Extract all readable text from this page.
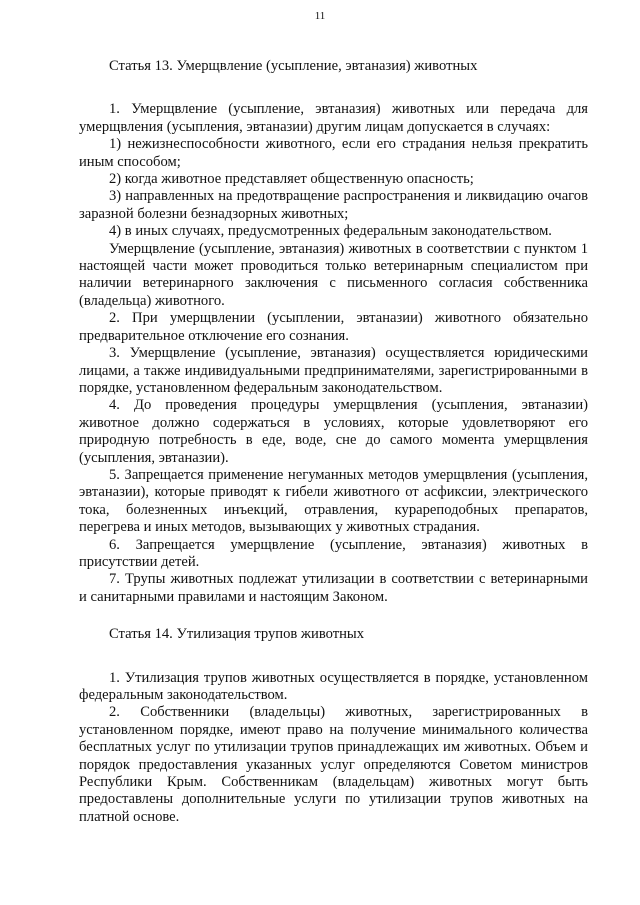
11
Статья 13. Умерщвление (усыпление, эвтаназия) животных

1. Умерщвление (усыпление, эвтаназия) животных или передача для умерщвления (усыпления, эвтаназии) другим лицам допускается в случаях:

1) нежизнеспособности животного, если его страдания нельзя прекратить иным способом;

2) когда животное представляет общественную опасность;

3) направленных на предотвращение распространения и ликвидацию очагов заразной болезни безнадзорных животных;

4) в иных случаях, предусмотренных федеральным законодательством.

Умерщвление (усыпление, эвтаназия) животных в соответствии с пунктом 1 настоящей части может проводиться только ветеринарным специалистом при наличии ветеринарного заключения с письменного согласия собственника (владельца) животного.

2. При умерщвлении (усыплении, эвтаназии) животного обязательно предварительное отключение его сознания.

3. Умерщвление (усыпление, эвтаназия) осуществляется юридическими лицами, а также индивидуальными предпринимателями, зарегистрированными в порядке, установленном федеральным законодательством.

4. До проведения процедуры умерщвления (усыпления, эвтаназии) животное должно содержаться в условиях, которые удовлетворяют его природную потребность в еде, воде, сне до самого момента умерщвления (усыпления, эвтаназии).

5. Запрещается применение негуманных методов умерщвления (усыпления, эвтаназии), которые приводят к гибели животного от асфиксии, электрического тока, болезненных инъекций, отравления, курареподобных препаратов, перегрева и иных методов, вызывающих у животных страдания.

6. Запрещается умерщвление (усыпление, эвтаназия) животных в присутствии детей.

7. Трупы животных подлежат утилизации в соответствии с ветеринарными и санитарными правилами и настоящим Законом.

Статья 14. Утилизация трупов животных

1. Утилизация трупов животных осуществляется в порядке, установленном федеральным законодательством.

2. Собственники (владельцы) животных, зарегистрированных в установленном порядке, имеют право на получение минимального количества бесплатных услуг по утилизации трупов принадлежащих им животных. Объем и порядок предоставления указанных услуг определяются Советом министров Республики Крым. Собственникам (владельцам) животных могут быть предоставлены дополнительные услуги по утилизации трупов животных на платной основе.
